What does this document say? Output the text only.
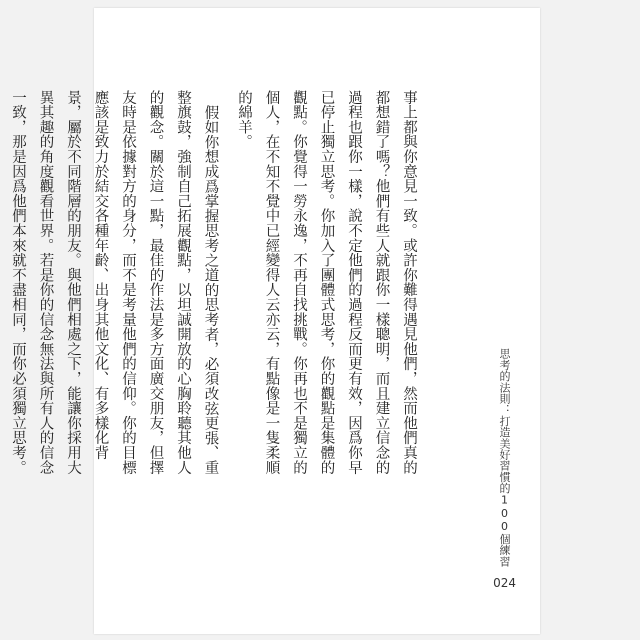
事上都與你意見一致。或許你難得遇見他們，然而他們真的都想錯了嗎？他們有些人就跟你一樣聰明，而且建立信念的過程也跟你一樣，說不定他們的過程反而更有效，因爲你早已停止獨立思考。你加入了團體式思考，你的觀點是集體的觀點。你覺得一勞永逸，不再自找挑戰。你再也不是獨立的個人，在不知不覺中已經變得人云亦云，有點像是一隻柔順的綿羊。

假如你想成爲掌握思考之道的思考者，必須改弦更張、重整旗鼓，強制自己拓展觀點，以坦誠開放的心胸聆聽其他人的觀念。關於這一點，最佳的作法是多方面廣交朋友，但擇友時是依據對方的身分，而不是考量他們的信仰。你的目標應該是致力於結交各種年齡、出身其他文化、有多樣化背景，屬於不同階層的朋友。與他們相處之下，能讓你採用大異其趣的角度觀看世界。若是你的信念無法與所有人的信念一致，那是因爲他們本來就不盡相同，而你必須獨立思考。	思考的法則：打造美好習慣的100個練習
024
